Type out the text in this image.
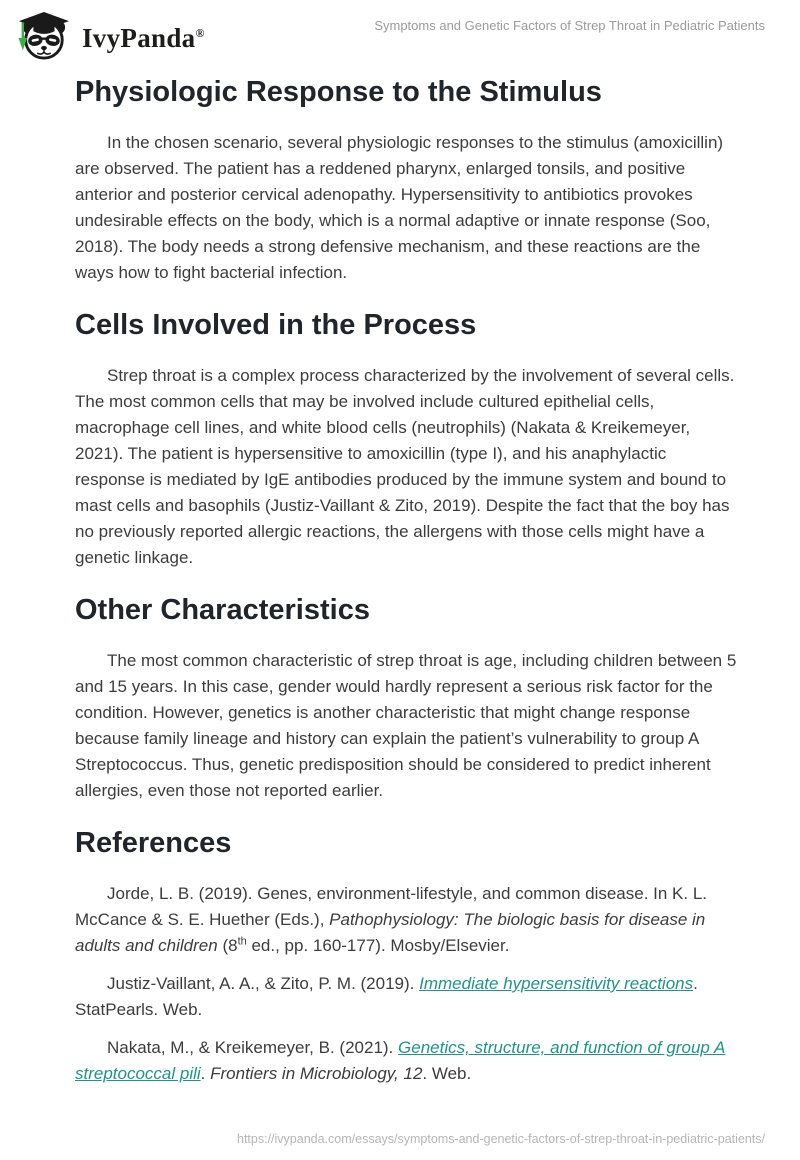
IvyPanda®	Symptoms and Genetic Factors of Strep Throat in Pediatric Patients
Physiologic Response to the Stimulus

In the chosen scenario, several physiologic responses to the stimulus (amoxicillin) are observed. The patient has a reddened pharynx, enlarged tonsils, and positive anterior and posterior cervical adenopathy. Hypersensitivity to antibiotics provokes undesirable effects on the body, which is a normal adaptive or innate response (Soo, 2018). The body needs a strong defensive mechanism, and these reactions are the ways how to fight bacterial infection.

Cells Involved in the Process

Strep throat is a complex process characterized by the involvement of several cells. The most common cells that may be involved include cultured epithelial cells, macrophage cell lines, and white blood cells (neutrophils) (Nakata & Kreikemeyer, 2021). The patient is hypersensitive to amoxicillin (type I), and his anaphylactic response is mediated by IgE antibodies produced by the immune system and bound to mast cells and basophils (Justiz-Vaillant & Zito, 2019). Despite the fact that the boy has no previously reported allergic reactions, the allergens with those cells might have a genetic linkage.

Other Characteristics

The most common characteristic of strep throat is age, including children between 5 and 15 years. In this case, gender would hardly represent a serious risk factor for the condition. However, genetics is another characteristic that might change response because family lineage and history can explain the patient’s vulnerability to group A Streptococcus. Thus, genetic predisposition should be considered to predict inherent allergies, even those not reported earlier.

References

Jorde, L. B. (2019). Genes, environment-lifestyle, and common disease. In K. L. McCance & S. E. Huether (Eds.), Pathophysiology: The biologic basis for disease in adults and children (8th ed., pp. 160-177). Mosby/Elsevier.

Justiz-Vaillant, A. A., & Zito, P. M. (2019). Immediate hypersensitivity reactions. StatPearls. Web.

Nakata, M., & Kreikemeyer, B. (2021). Genetics, structure, and function of group A streptococcal pili. Frontiers in Microbiology, 12. Web.

https://ivypanda.com/essays/symptoms-and-genetic-factors-of-strep-throat-in-pediatric-patients/
